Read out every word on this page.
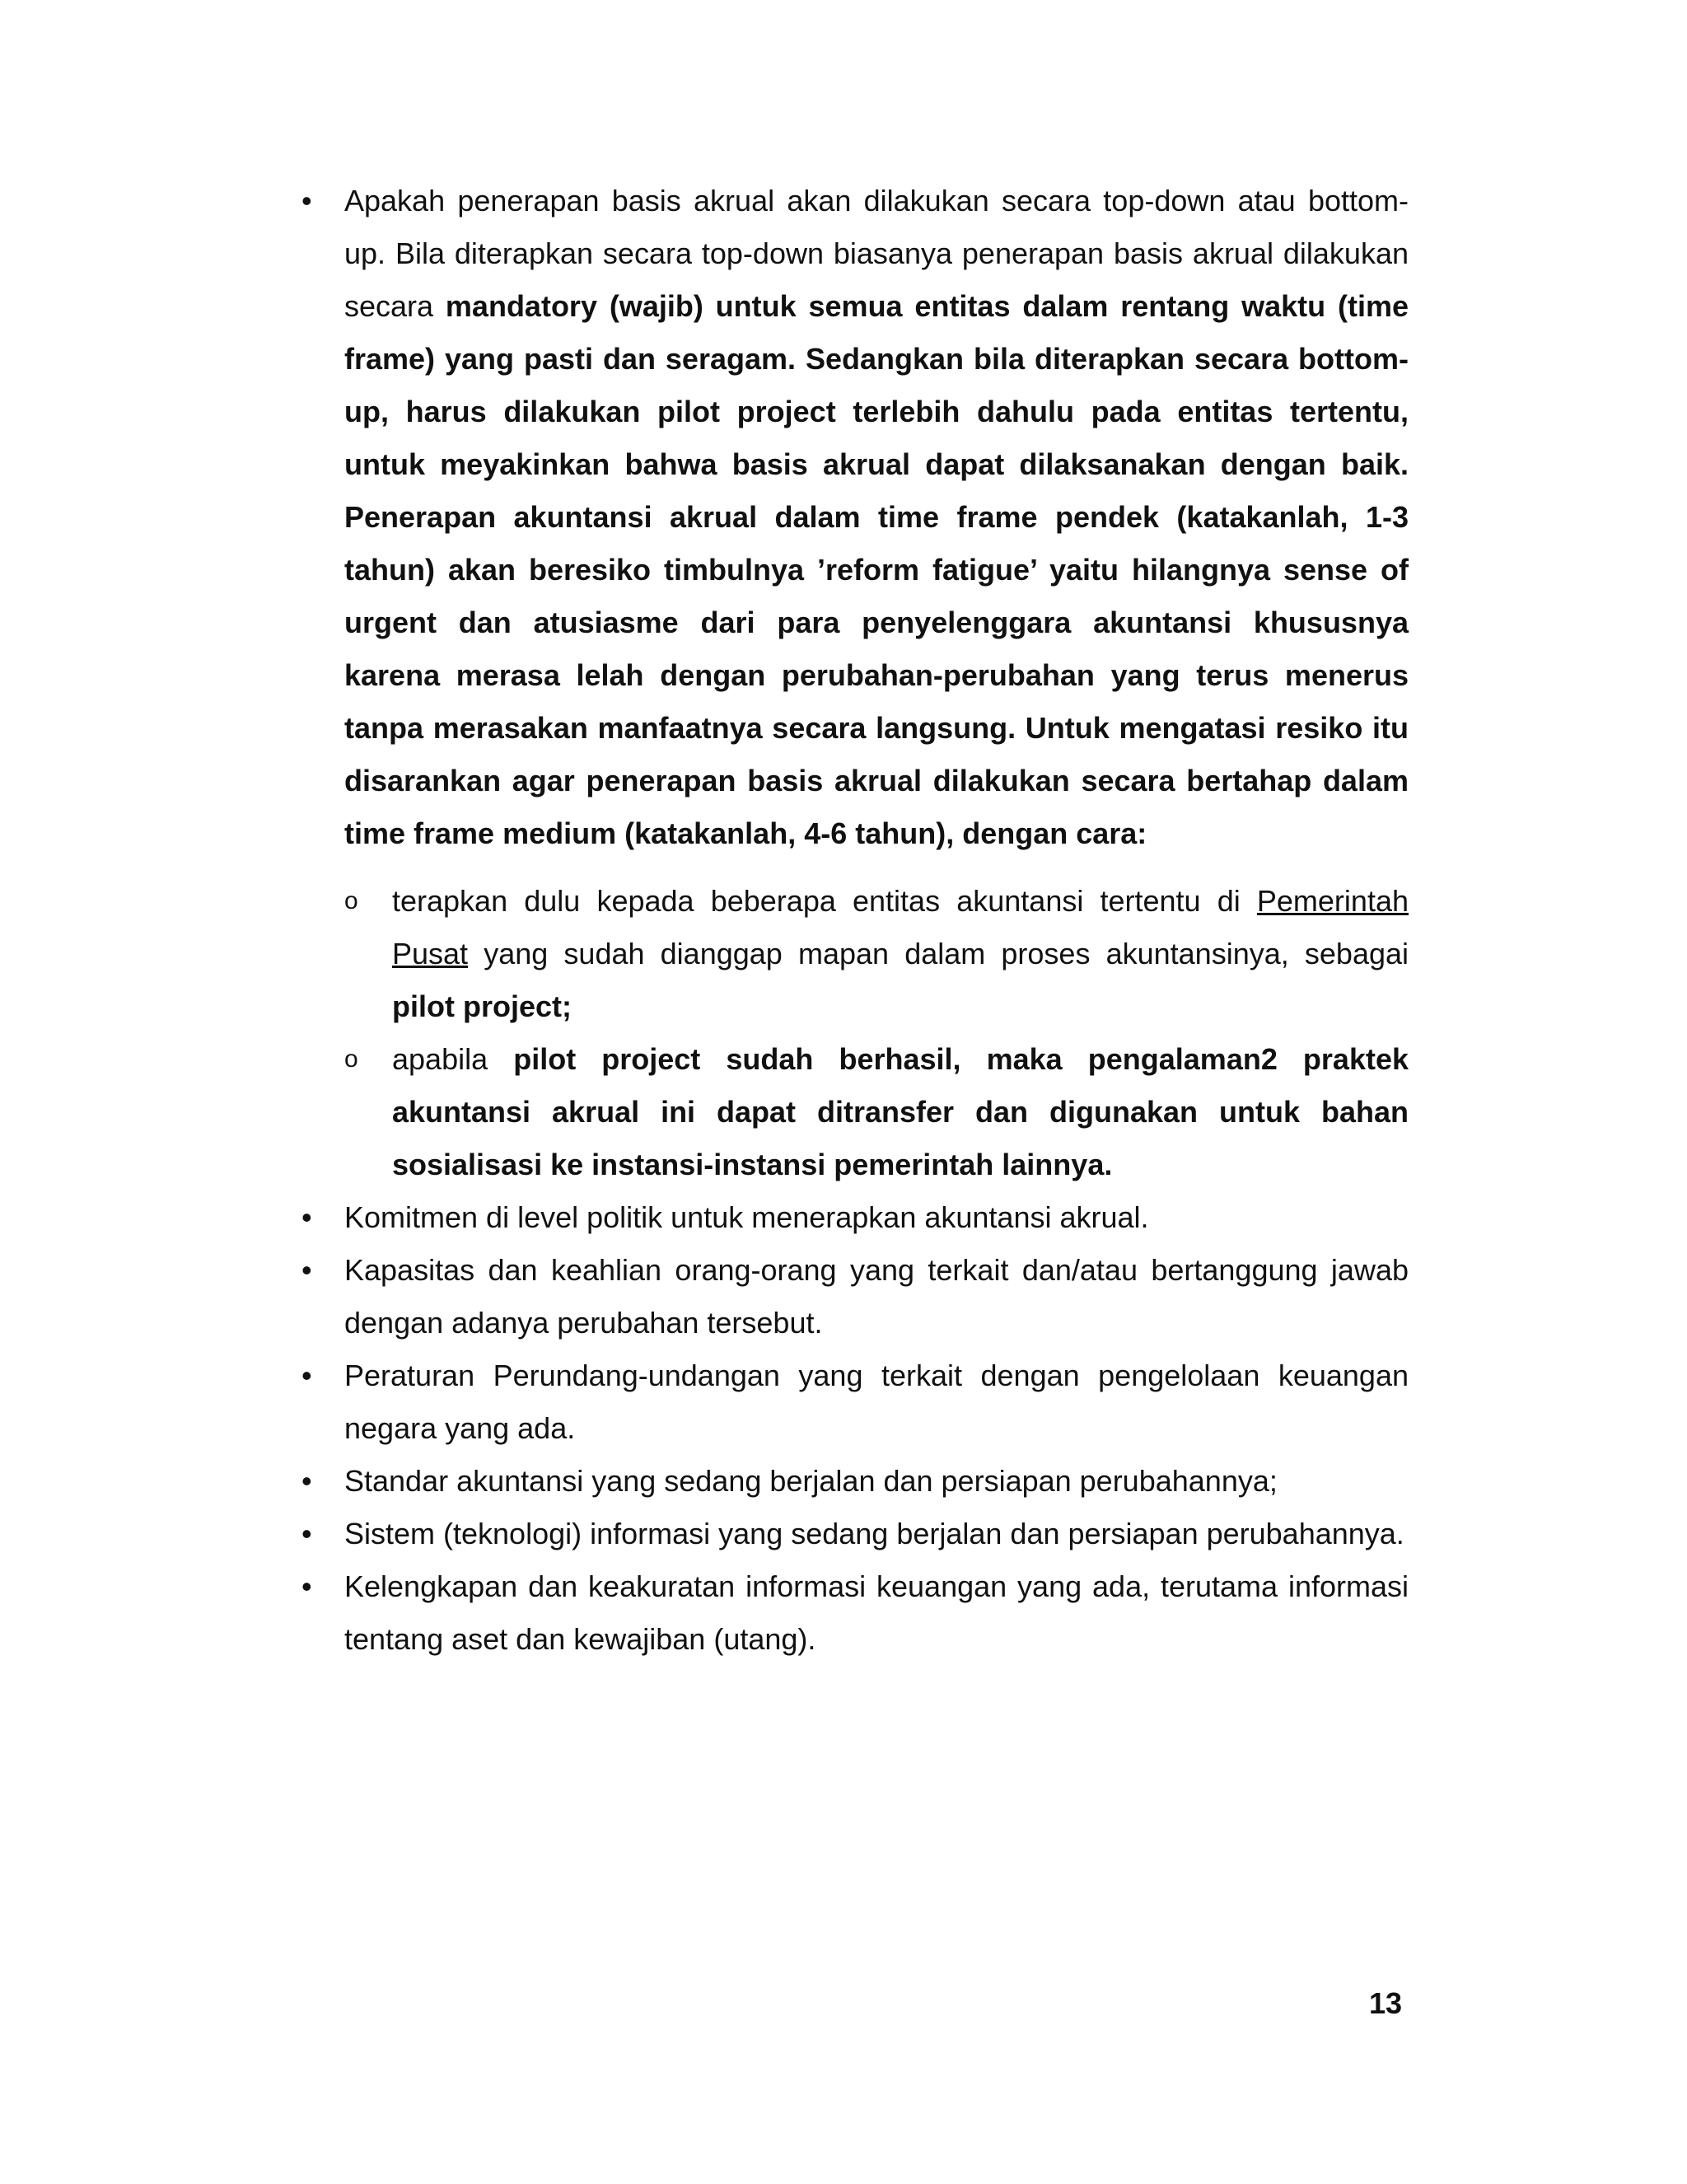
• Apakah penerapan basis akrual akan dilakukan secara top-down atau bottom-up. Bila diterapkan secara top-down biasanya penerapan basis akrual dilakukan secara mandatory (wajib) untuk semua entitas dalam rentang waktu (time frame) yang pasti dan seragam. Sedangkan bila diterapkan secara bottom-up, harus dilakukan pilot project terlebih dahulu pada entitas tertentu, untuk meyakinkan bahwa basis akrual dapat dilaksanakan dengan baik. Penerapan akuntansi akrual dalam time frame pendek (katakanlah, 1-3 tahun) akan beresiko timbulnya ’reform fatigue’ yaitu hilangnya sense of urgent dan atusiasme dari para penyelenggara akuntansi khususnya karena merasa lelah dengan perubahan-perubahan yang terus menerus tanpa merasakan manfaatnya secara langsung. Untuk mengatasi resiko itu disarankan agar penerapan basis akrual dilakukan secara bertahap dalam time frame medium (katakanlah, 4-6 tahun), dengan cara:
o terapkan dulu kepada beberapa entitas akuntansi tertentu di Pemerintah Pusat yang sudah dianggap mapan dalam proses akuntansinya, sebagai pilot project;
o apabila pilot project sudah berhasil, maka pengalaman2 praktek akuntansi akrual ini dapat ditransfer dan digunakan untuk bahan sosialisasi ke instansi-instansi pemerintah lainnya.
• Komitmen di level politik untuk menerapkan akuntansi akrual.
• Kapasitas dan keahlian orang-orang yang terkait dan/atau bertanggung jawab dengan adanya perubahan tersebut.
• Peraturan Perundang-undangan yang terkait dengan pengelolaan keuangan negara yang ada.
• Standar akuntansi yang sedang berjalan dan persiapan perubahannya;
• Sistem (teknologi) informasi yang sedang berjalan dan persiapan perubahannya.
• Kelengkapan dan keakuratan informasi keuangan yang ada, terutama informasi tentang aset dan kewajiban (utang).
13
